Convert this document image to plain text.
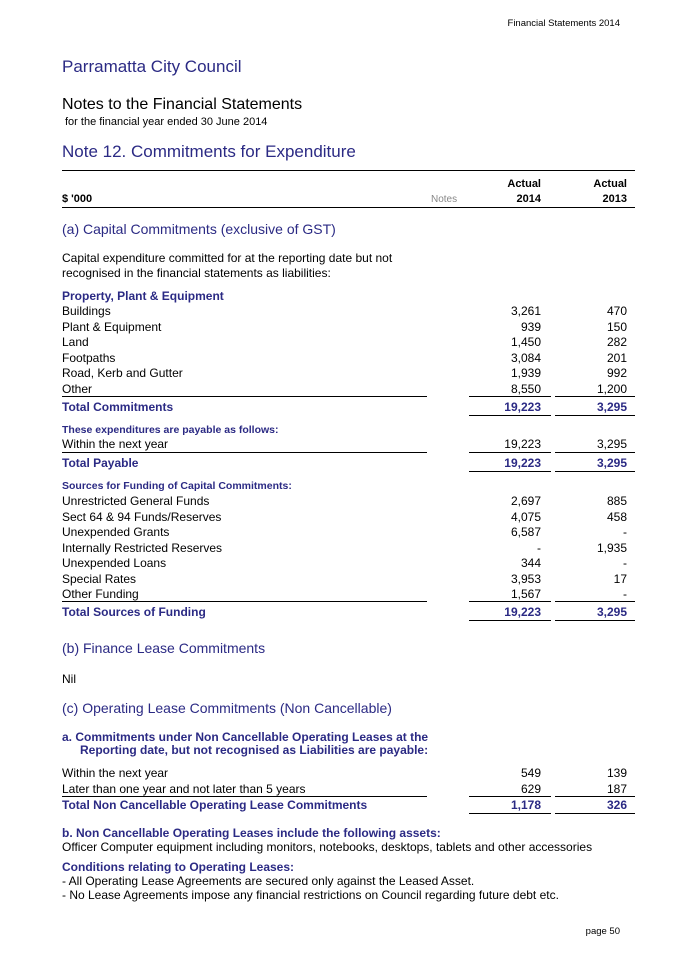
Financial Statements 2014
Parramatta City Council
Notes to the Financial Statements
for the financial year ended 30 June 2014
Note 12. Commitments for Expenditure
Actual	Actual
$ '000	Notes	2014	2013
(a) Capital Commitments (exclusive of GST)
Capital expenditure committed for at the reporting date but not
recognised in the financial statements as liabilities:
Property, Plant & Equipment
Buildings	3,261	470
Plant & Equipment	939	150
Land	1,450	282
Footpaths	3,084	201
Road, Kerb and Gutter	1,939	992
Other	8,550	1,200
Total Commitments	19,223	3,295
These expenditures are payable as follows:
Within the next year	19,223	3,295
Total Payable	19,223	3,295
Sources for Funding of Capital Commitments:
Unrestricted General Funds	2,697	885
Sect 64 & 94 Funds/Reserves	4,075	458
Unexpended Grants	6,587	-
Internally Restricted Reserves	-	1,935
Unexpended Loans	344	-
Special Rates	3,953	17
Other Funding	1,567	-
Total Sources of Funding	19,223	3,295
(b) Finance Lease Commitments
Nil
(c) Operating Lease Commitments (Non Cancellable)
a. Commitments under Non Cancellable Operating Leases at the
Reporting date, but not recognised as Liabilities are payable:
Within the next year	549	139
Later than one year and not later than 5 years	629	187
Total Non Cancellable Operating Lease Commitments	1,178	326
b. Non Cancellable Operating Leases include the following assets:
Officer Computer equipment including monitors, notebooks, desktops, tablets and other accessories
Conditions relating to Operating Leases:
- All Operating Lease Agreements are secured only against the Leased Asset.
- No Lease Agreements impose any financial restrictions on Council regarding future debt etc.
page 50
